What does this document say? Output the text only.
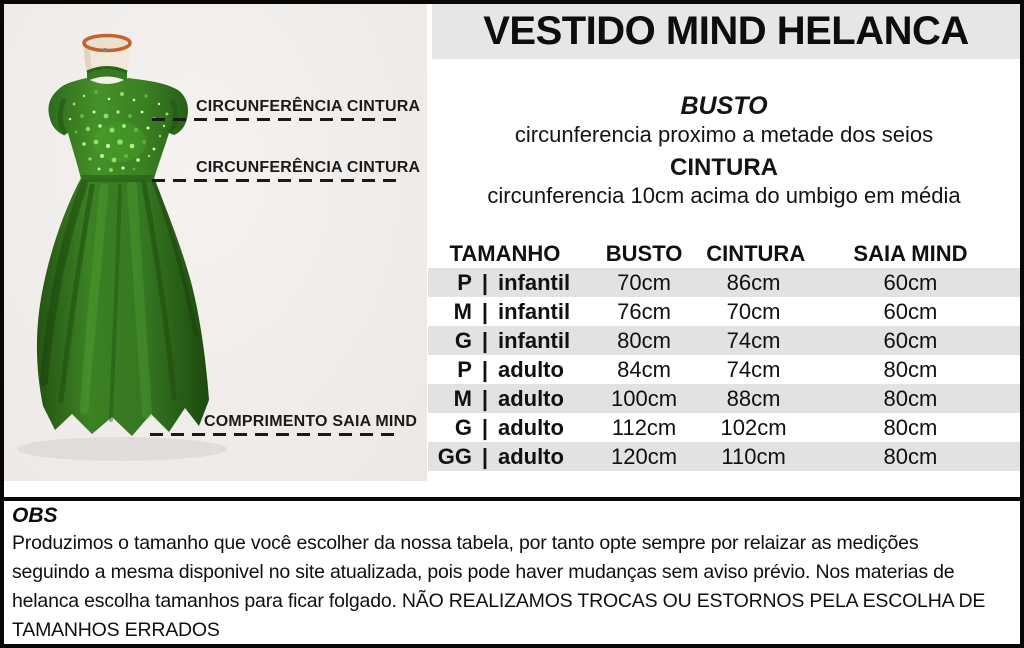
CIRCUNFERÊNCIA CINTURA
CIRCUNFERÊNCIA CINTURA
COMPRIMENTO SAIA MIND
VESTIDO MIND HELANCA
BUSTO
circunferencia proximo a metade dos seios
CINTURA
circunferencia 10cm acima do umbigo em média
TAMANHO	BUSTO	CINTURA	SAIA MIND
P | infantil	70cm	86cm	60cm
M | infantil	76cm	70cm	60cm
G | infantil	80cm	74cm	60cm
P | adulto	84cm	74cm	80cm
M | adulto	100cm	88cm	80cm
G | adulto	112cm	102cm	80cm
GG | adulto	120cm	110cm	80cm
OBS
Produzimos o tamanho que você escolher da nossa tabela, por tanto opte sempre por relaizar as medições
seguindo a mesma disponivel no site atualizada, pois pode haver mudanças sem aviso prévio. Nos materias de
helanca escolha tamanhos para ficar folgado. NÃO REALIZAMOS TROCAS OU ESTORNOS PELA ESCOLHA DE
TAMANHOS ERRADOS
